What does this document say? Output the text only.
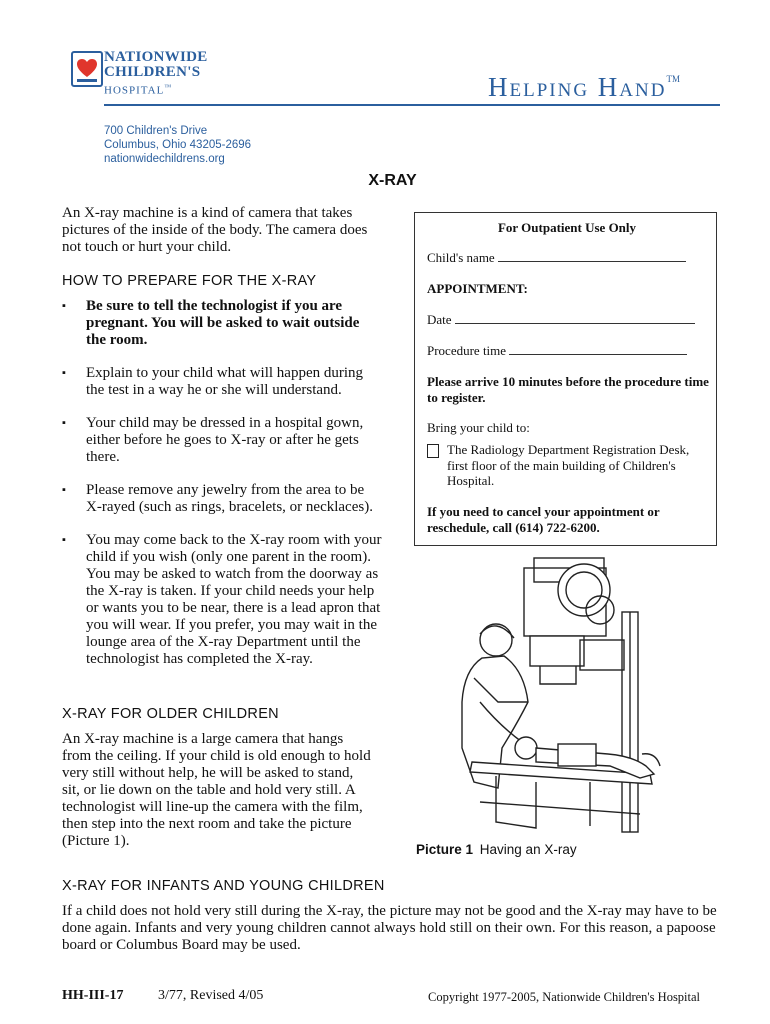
NATIONWIDE
CHILDREN'S
HOSPITAL™	Helping Hand™
700 Children's Drive
Columbus, Ohio 43205-2696
nationwidechildrens.org
X-RAY
An X-ray machine is a kind of camera that takes pictures of the inside of the body. The camera does not touch or hurt your child.
HOW TO PREPARE FOR THE X-RAY
▪ Be sure to tell the technologist if you are pregnant. You will be asked to wait outside the room.
▪ Explain to your child what will happen during the test in a way he or she will understand.
▪ Your child may be dressed in a hospital gown, either before he goes to X-ray or after he gets there.
▪ Please remove any jewelry from the area to be X-rayed (such as rings, bracelets, or necklaces).
▪ You may come back to the X-ray room with your child if you wish (only one parent in the room). You may be asked to watch from the doorway as the X-ray is taken. If your child needs your help or wants you to be near, there is a lead apron that you will wear. If you prefer, you may wait in the lounge area of the X-ray Department until the technologist has completed the X-ray.
For Outpatient Use Only
Child's name
APPOINTMENT:
Date
Procedure time
Please arrive 10 minutes before the procedure time to register.
Bring your child to:
The Radiology Department Registration Desk, first floor of the main building of Children's Hospital.
If you need to cancel your appointment or reschedule, call (614) 722-6200.
Picture 1 Having an X-ray
X-RAY FOR OLDER CHILDREN
An X-ray machine is a large camera that hangs from the ceiling. If your child is old enough to hold very still without help, he will be asked to stand, sit, or lie down on the table and hold very still. A technologist will line-up the camera with the film, then step into the next room and take the picture (Picture 1).
X-RAY FOR INFANTS AND YOUNG CHILDREN
If a child does not hold very still during the X-ray, the picture may not be good and the X-ray may have to be done again. Infants and very young children cannot always hold still on their own. For this reason, a papoose board or Columbus Board may be used.
HH-III-17 3/77, Revised 4/05	Copyright 1977-2005, Nationwide Children's Hospital
